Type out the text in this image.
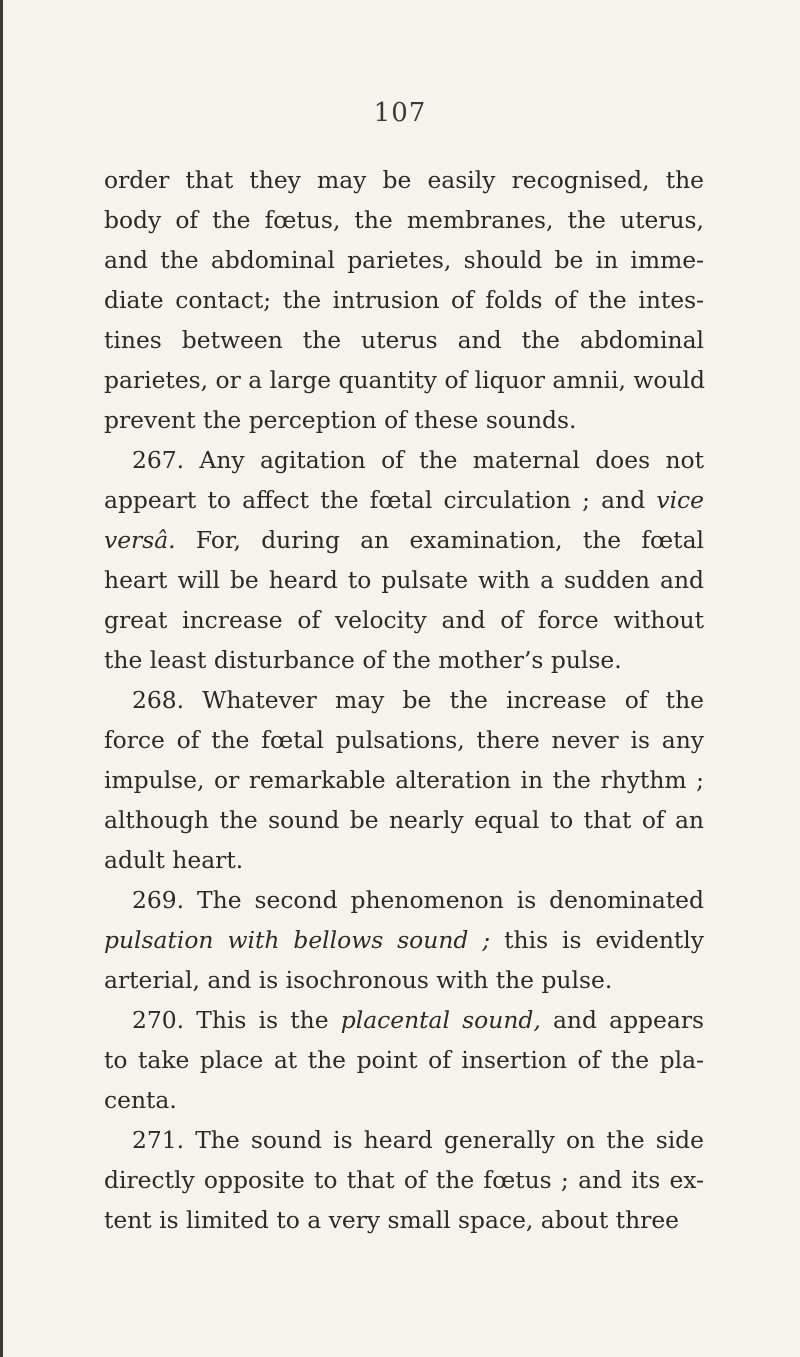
107
order that they may be easily recognised, the
body of the fœtus, the membranes, the uterus,
and the abdominal parietes, should be in imme-
diate contact; the intrusion of folds of the intes-
tines between the uterus and the abdominal
parietes, or a large quantity of liquor amnii, would
prevent the perception of these sounds.
267. Any agitation of the maternal does not
appeart to affect the fœtal circulation ; and vice
versâ. For, during an examination, the fœtal
heart will be heard to pulsate with a sudden and
great increase of velocity and of force without
the least disturbance of the mother’s pulse.
268. Whatever may be the increase of the
force of the fœtal pulsations, there never is any
impulse, or remarkable alteration in the rhythm ;
although the sound be nearly equal to that of an
adult heart.
269. The second phenomenon is denominated
pulsation with bellows sound ; this is evidently
arterial, and is isochronous with the pulse.
270. This is the placental sound, and appears
to take place at the point of insertion of the pla-
centa.
271. The sound is heard generally on the side
directly opposite to that of the fœtus ; and its ex-
tent is limited to a very small space, about three
